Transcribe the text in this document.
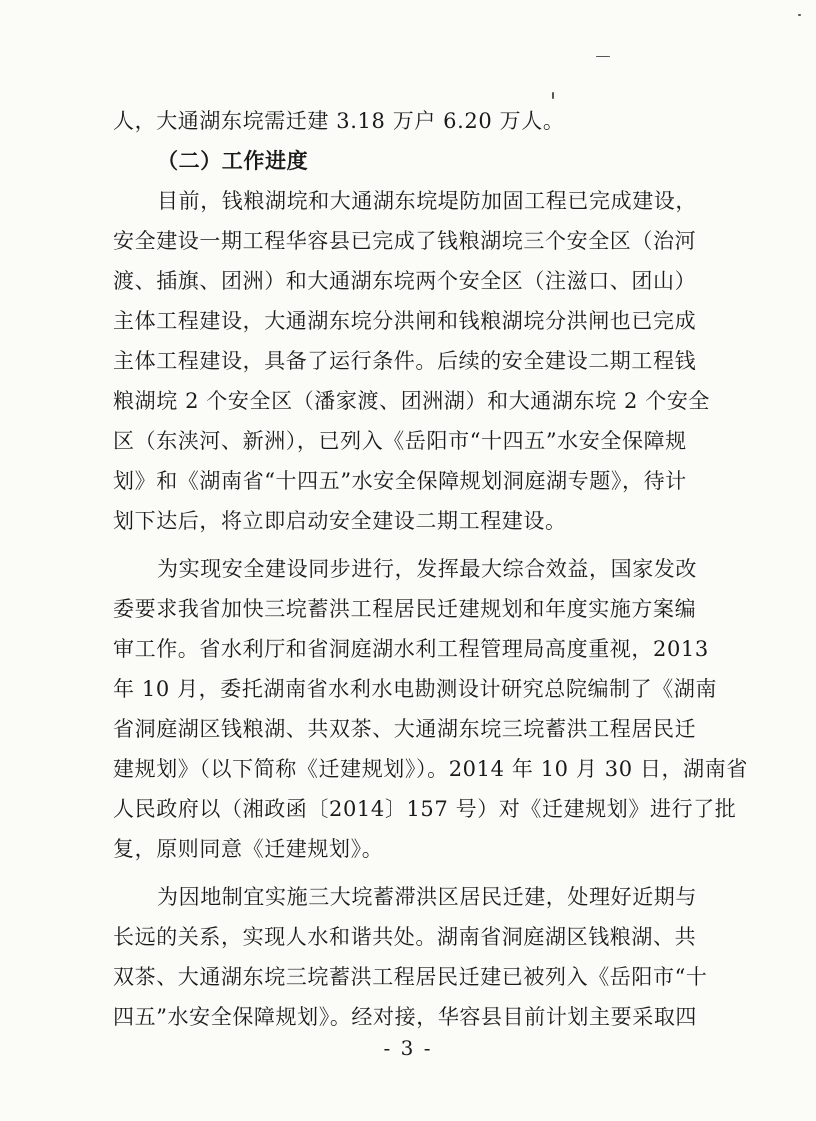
人，大通湖东垸需迁建 3.18 万户 6.20 万人。
（二）工作进度
目前，钱粮湖垸和大通湖东垸堤防加固工程已完成建设，
安全建设一期工程华容县已完成了钱粮湖垸三个安全区（治河
渡、插旗、团洲）和大通湖东垸两个安全区（注滋口、团山）
主体工程建设，大通湖东垸分洪闸和钱粮湖垸分洪闸也已完成
主体工程建设，具备了运行条件。后续的安全建设二期工程钱
粮湖垸 2 个安全区（潘家渡、团洲湖）和大通湖东垸 2 个安全
区（东浃河、新洲），已列入《岳阳市“十四五”水安全保障规
划》和《湖南省“十四五”水安全保障规划洞庭湖专题》，待计
划下达后，将立即启动安全建设二期工程建设。
为实现安全建设同步进行，发挥最大综合效益，国家发改
委要求我省加快三垸蓄洪工程居民迁建规划和年度实施方案编
审工作。省水利厅和省洞庭湖水利工程管理局高度重视，2013
年 10 月，委托湖南省水利水电勘测设计研究总院编制了《湖南
省洞庭湖区钱粮湖、共双茶、大通湖东垸三垸蓄洪工程居民迁
建规划》（以下简称《迁建规划》）。2014 年 10 月 30 日，湖南省
人民政府以（湘政函〔2014〕157 号）对《迁建规划》进行了批
复，原则同意《迁建规划》。
为因地制宜实施三大垸蓄滞洪区居民迁建，处理好近期与
长远的关系，实现人水和谐共处。湖南省洞庭湖区钱粮湖、共
双茶、大通湖东垸三垸蓄洪工程居民迁建已被列入《岳阳市“十
四五”水安全保障规划》。经对接，华容县目前计划主要采取四
- 3 -
